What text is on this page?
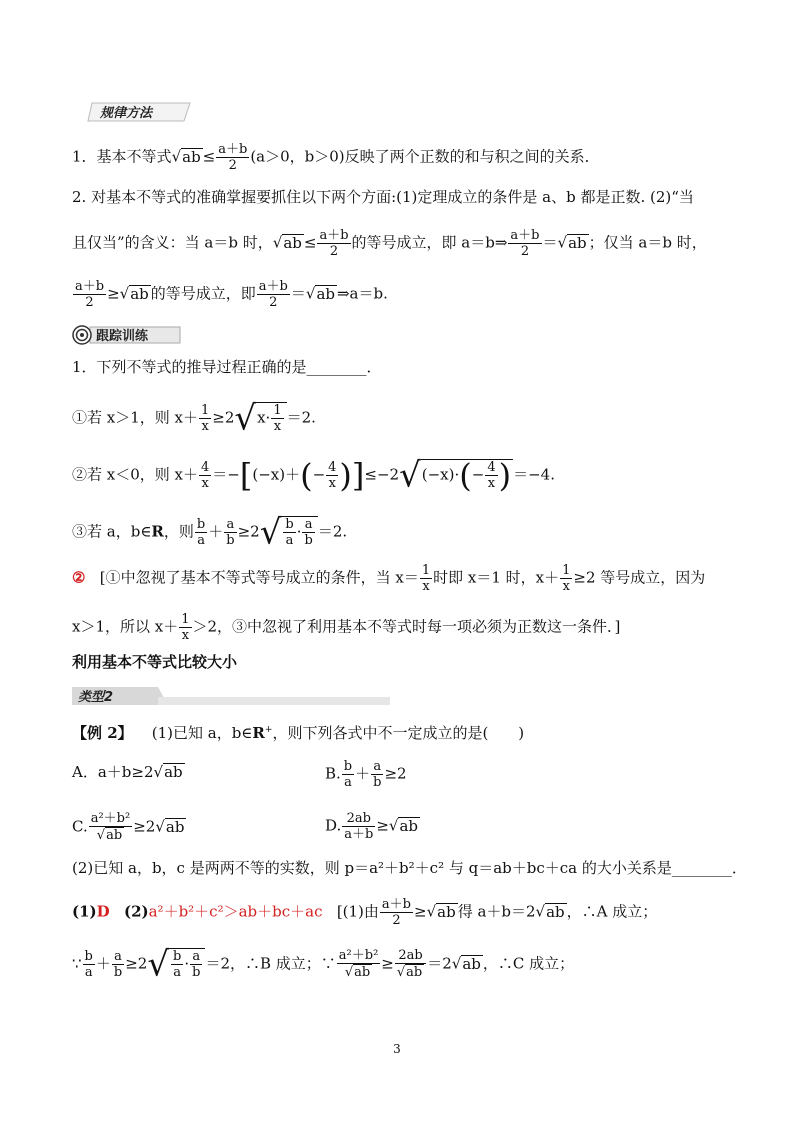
规律方法
1．基本不等式$√ab \le \frac{a+b}{2} (a>0$，b＞0)反映了两个正数的和与积之间的关系．
2. 对基本不等式的准确掌握要抓住以下两个方面:(1)定理成立的条件是 a、b 都是正数. (2)“当
且仅当”的含义：当 a＝b 时，$√ab \le \frac{a+b}{2}$ 的等号成立，即 a＝b⇒ $\frac{a+b}{2} =√ab$ ；仅当 a＝b 时，
$\frac{a+b}{2} \ge√ab$ 的等号成立，即 $\frac{a+b}{2} =√ab$ ⇒a＝b.
跟踪训练
1．下列不等式的推导过程正确的是________．
①若 x＞1，则 $x+ \frac{1}{x} \ge 2√x\cdot \frac{1}{x} =2$.
②若 x＜0，则 $x+ \frac{4}{x} =-[(-x)+(- \frac{4}{x} )]\le-2√(-x)\cdot(- \frac{4}{x}$ ) ＝−4.
③若 a，b∈R，则 $\frac{b}{a} + \frac{a}{b} \ge 2√ \frac{b}{a} \cdot \frac{a}{b} =2$.
② [①中忽视了基本不等式等号成立的条件，当 $x= \frac{1}{x}$ 时即 x＝1 时，$x+ \frac{1}{x} \ge 2$ 等号成立，因为
x＞1，所以 $x+ \frac{1}{x} >2$，③中忽视了利用基本不等式时每一项必须为正数这一条件．]
利用基本不等式比较大小
类型2
【例 2】 (1)已知 a，b∈R+，则下列各式中不一定成立的是(　　)
A．a＋b≥2√ab	B. $\frac{b}{a} + \frac{a}{b} \ge 2$
C. $\frac{\text{a²＋b²}}{√ab} \ge 2√ab$	D. $\frac{2ab}{a+b} \ge√ab$
(2)已知 a，b，c 是两两不等的实数，则 p＝a²＋b²＋c² 与 q＝ab＋bc＋ca 的大小关系是________．
(1)D (2)a²＋b²＋c²＞ab＋bc＋ac [(1)由 $\frac{a+b}{2} \ge√ab$ 得 a＋b＝2√ab ，∴A 成立；
∵ $\frac{b}{a} + \frac{a}{b} \ge 2√ \frac{b}{a} \cdot \frac{a}{b} =2$，∴B 成立；∵ $\frac{\text{a²＋b²}}{√ab} \ge \frac{2ab}{√ab} =2√ab$ ，∴C 成立；
3
